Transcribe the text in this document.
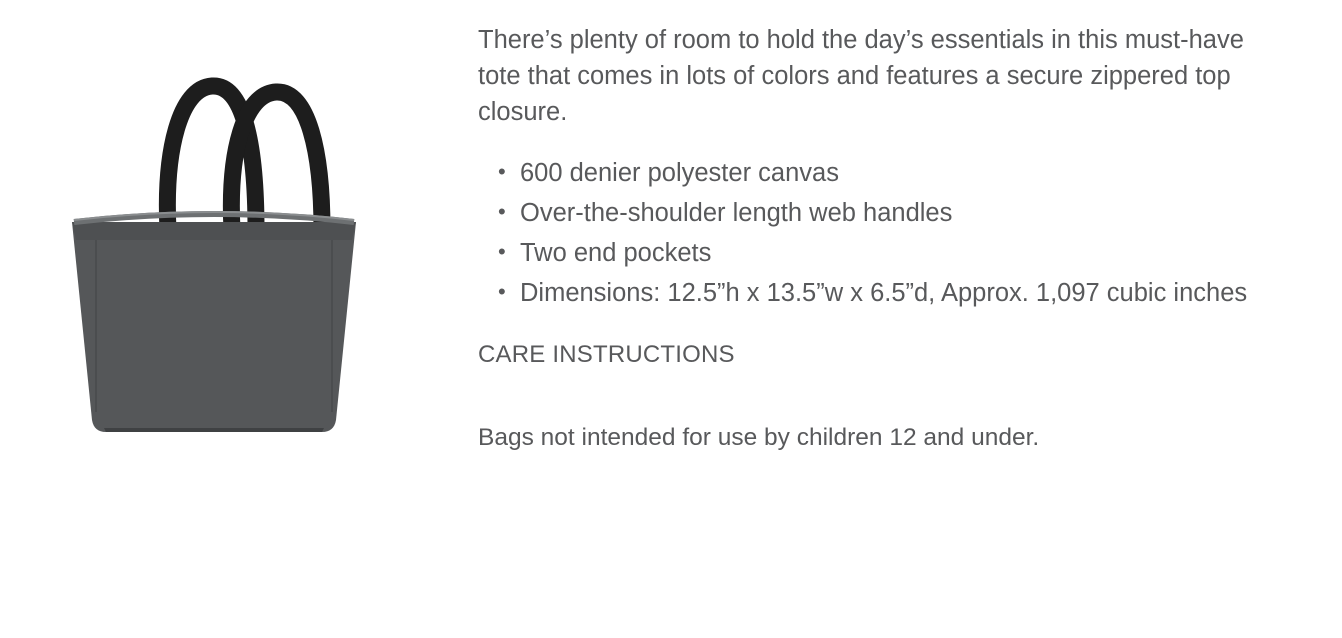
There’s plenty of room to hold the day’s essentials in this must-have tote that comes in lots of colors and features a secure zippered top closure.

• 600 denier polyester canvas
• Over-the-shoulder length web handles
• Two end pockets
• Dimensions: 12.5”h x 13.5”w x 6.5”d, Approx. 1,097 cubic inches

CARE INSTRUCTIONS

Bags not intended for use by children 12 and under.
